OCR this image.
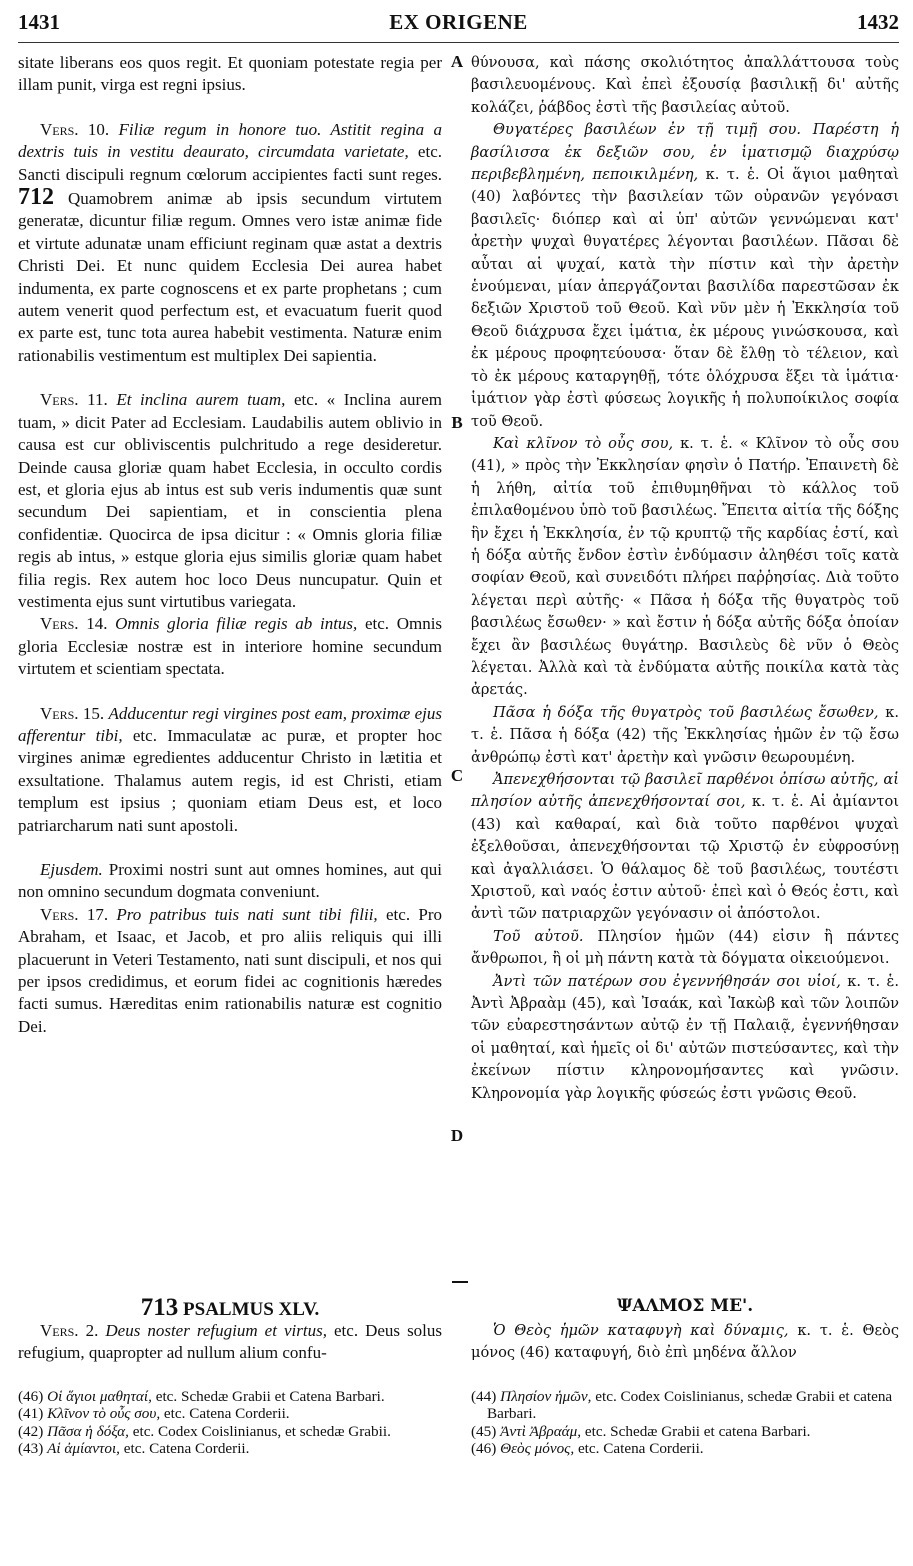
1431	EX ORIGENE	1432
A
B
C
D

sitate liberans eos quos regit. Et quoniam potestate regia per illam punit, virga est regni ipsius.

Vers. 10. Filiæ regum in honore tuo. Astitit regina a dextris tuis in vestitu deaurato, circumdata varietate, etc. Sancti discipuli regnum cœlorum accipientes facti sunt reges. 712 Quamobrem animæ ab ipsis secundum virtutem generatæ, dicuntur filiæ regum. Omnes vero istæ animæ fide et virtute adunatæ unam efficiunt reginam quæ astat a dextris Christi Dei. Et nunc quidem Ecclesia Dei aurea habet indumenta, ex parte cognoscens et ex parte prophetans ; cum autem venerit quod perfectum est, et evacuatum fuerit quod ex parte est, tunc tota aurea habebit vestimenta. Naturæ enim rationabilis vestimentum est multiplex Dei sapientia.

Vers. 11. Et inclina aurem tuam, etc. « Inclina aurem tuam, » dicit Pater ad Ecclesiam. Laudabilis autem oblivio in causa est cur obliviscentis pulchritudo a rege desideretur. Deinde causa gloriæ quam habet Ecclesia, in occulto cordis est, et gloria ejus ab intus est sub veris indumentis quæ sunt secundum Dei sapientiam, et in conscientia plena confidentiæ. Quocirca de ipsa dicitur : « Omnis gloria filiæ regis ab intus, » estque gloria ejus similis gloriæ quam habet filia regis. Rex autem hoc loco Deus nuncupatur. Quin et vestimenta ejus sunt virtutibus variegata.

Vers. 14. Omnis gloria filiæ regis ab intus, etc. Omnis gloria Ecclesiæ nostræ est in interiore homine secundum virtutem et scientiam spectata.

Vers. 15. Adducentur regi virgines post eam, proximæ ejus afferentur tibi, etc. Immaculatæ ac puræ, et propter hoc virgines animæ egredientes adducentur Christo in lætitia et exsultatione. Thalamus autem regis, id est Christi, etiam templum est ipsius ; quoniam etiam Deus est, et loco patriarcharum nati sunt apostoli.

Ejusdem. Proximi nostri sunt aut omnes homines, aut qui non omnino secundum dogmata conveniunt.

Vers. 17. Pro patribus tuis nati sunt tibi filii, etc. Pro Abraham, et Isaac, et Jacob, et pro aliis reliquis qui illi placuerunt in Veteri Testamento, nati sunt discipuli, et nos qui per ipsos credidimus, et eorum fidei ac cognitionis hæredes facti sumus. Hæreditas enim rationabilis naturæ est cognitio Dei.

θύνουσα, καὶ πάσης σκολιότητος ἀπαλλάττουσα τοὺς βασιλευομένους. Καὶ ἐπεὶ ἐξουσίᾳ βασιλικῇ δι' αὐτῆς κολάζει, ῥάβδος ἐστὶ τῆς βασιλείας αὐτοῦ.

Θυγατέρες βασιλέων ἐν τῇ τιμῇ σου. Παρέστη ἡ βασίλισσα ἐκ δεξιῶν σου, ἐν ἱματισμῷ διαχρύσῳ περιβεβλημένη, πεποικιλμένη, κ. τ. ἑ. Οἱ ἅγιοι μαθηταὶ (40) λαβόντες τὴν βασιλείαν τῶν οὐρανῶν γεγόνασι βασιλεῖς· διόπερ καὶ αἱ ὑπ' αὐτῶν γεννώμεναι κατ' ἀρετὴν ψυχαὶ θυγατέρες λέγονται βασιλέων. Πᾶσαι δὲ αὗται αἱ ψυχαί, κατὰ τὴν πίστιν καὶ τὴν ἀρετὴν ἑνούμεναι, μίαν ἀπεργάζονται βασιλίδα παρεστῶσαν ἐκ δεξιῶν Χριστοῦ τοῦ Θεοῦ. Καὶ νῦν μὲν ἡ Ἐκκλησία τοῦ Θεοῦ διάχρυσα ἔχει ἱμάτια, ἐκ μέρους γινώσκουσα, καὶ ἐκ μέρους προφητεύουσα· ὅταν δὲ ἔλθῃ τὸ τέλειον, καὶ τὸ ἐκ μέρους καταργηθῇ, τότε ὁλόχρυσα ἕξει τὰ ἱμάτια· ἱμάτιον γὰρ ἐστὶ φύσεως λογικῆς ἡ πολυποίκιλος σοφία τοῦ Θεοῦ.

Καὶ κλῖνον τὸ οὖς σου, κ. τ. ἑ. « Κλῖνον τὸ οὖς σου (41), » πρὸς τὴν Ἐκκλησίαν φησὶν ὁ Πατήρ. Ἐπαινετὴ δὲ ἡ λήθη, αἰτία τοῦ ἐπιθυμηθῆναι τὸ κάλλος τοῦ ἐπιλαθομένου ὑπὸ τοῦ βασιλέως. Ἔπειτα αἰτία τῆς δόξης ἣν ἔχει ἡ Ἐκκλησία, ἐν τῷ κρυπτῷ τῆς καρδίας ἐστί, καὶ ἡ δόξα αὐτῆς ἔνδον ἐστὶν ἐνδύμασιν ἀληθέσι τοῖς κατὰ σοφίαν Θεοῦ, καὶ συνειδότι πλήρει παῤῥησίας. Διὰ τοῦτο λέγεται περὶ αὐτῆς· « Πᾶσα ἡ δόξα τῆς θυγατρὸς τοῦ βασιλέως ἔσωθεν· » καὶ ἔστιν ἡ δόξα αὐτῆς δόξα ὁποίαν ἔχει ἂν βασιλέως θυγάτηρ. Βασιλεὺς δὲ νῦν ὁ Θεὸς λέγεται. Ἀλλὰ καὶ τὰ ἐνδύματα αὐτῆς ποικίλα κατὰ τὰς ἀρετάς.

Πᾶσα ἡ δόξα τῆς θυγατρὸς τοῦ βασιλέως ἔσωθεν, κ. τ. ἑ. Πᾶσα ἡ δόξα (42) τῆς Ἐκκλησίας ἡμῶν ἐν τῷ ἔσω ἀνθρώπῳ ἐστὶ κατ' ἀρετὴν καὶ γνῶσιν θεωρουμένη.

Ἀπενεχθήσονται τῷ βασιλεῖ παρθένοι ὀπίσω αὐτῆς, αἱ πλησίον αὐτῆς ἀπενεχθήσονταί σοι, κ. τ. ἑ. Αἱ ἀμίαντοι (43) καὶ καθαραί, καὶ διὰ τοῦτο παρθένοι ψυχαὶ ἐξελθοῦσαι, ἀπενεχθήσονται τῷ Χριστῷ ἐν εὐφροσύνῃ καὶ ἀγαλλιάσει. Ὁ θάλαμος δὲ τοῦ βασιλέως, τουτέστι Χριστοῦ, καὶ ναός ἐστιν αὐτοῦ· ἐπεὶ καὶ ὁ Θεός ἐστι, καὶ ἀντὶ τῶν πατριαρχῶν γεγόνασιν οἱ ἀπόστολοι.

Τοῦ αὐτοῦ. Πλησίον ἡμῶν (44) εἰσιν ἢ πάντες ἄνθρωποι, ἢ οἱ μὴ πάντη κατὰ τὰ δόγματα οἰκειούμενοι.

Ἀντὶ τῶν πατέρων σου ἐγεννήθησάν σοι υἱοί, κ. τ. ἑ. Ἀντὶ Ἀβραὰμ (45), καὶ Ἰσαάκ, καὶ Ἰακὼβ καὶ τῶν λοιπῶν τῶν εὐαρεστησάντων αὐτῷ ἐν τῇ Παλαιᾷ, ἐγεννήθησαν οἱ μαθηταί, καὶ ἡμεῖς οἱ δι' αὐτῶν πιστεύσαντες, καὶ τὴν ἐκείνων πίστιν κληρονομήσαντες καὶ γνῶσιν. Κληρονομία γὰρ λογικῆς φύσεώς ἐστι γνῶσις Θεοῦ.

713 PSALMUS XLV.	ΨΑΛΜΟΣ ΜΕ'.

Vers. 2. Deus noster refugium et virtus, etc. Deus solus refugium, quapropter ad nullum alium confu-

Ὁ Θεὸς ἡμῶν καταφυγὴ καὶ δύναμις, κ. τ. ἑ. Θεὸς μόνος (46) καταφυγή, διὸ ἐπὶ μηδένα ἄλλον

(46) Οἱ ἅγιοι μαθηταί, etc. Schedæ Grabii et Catena Barbari.

(41) Κλῖνον τὸ οὖς σου, etc. Catena Corderii.

(42) Πᾶσα ἡ δόξα, etc. Codex Coislinianus, et schedæ Grabii.

(43) Αἱ ἀμίαντοι, etc. Catena Corderii.

(44) Πλησίον ἡμῶν, etc. Codex Coislinianus, schedæ Grabii et catena Barbari.

(45) Ἀντὶ Ἀβραάμ, etc. Schedæ Grabii et catena Barbari.

(46) Θεὸς μόνος, etc. Catena Corderii.
